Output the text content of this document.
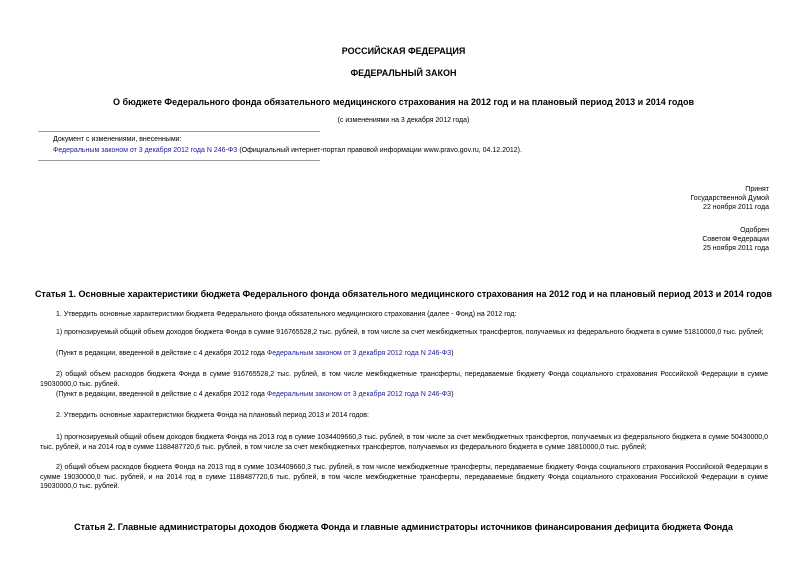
РОССИЙСКАЯ ФЕДЕРАЦИЯ
ФЕДЕРАЛЬНЫЙ ЗАКОН
О бюджете Федерального фонда обязательного медицинского страхования на 2012 год и на плановый период 2013 и 2014 годов
(с изменениями на 3 декабря 2012 года)
Документ с изменениями, внесенными:
Федеральным законом от 3 декабря 2012 года N 246-ФЗ (Официальный интернет-портал правовой информации www.pravo.gov.ru, 04.12.2012).
Принят
Государственной Думой
22 ноября 2011 года
Одобрен
Советом Федерации
25 ноября 2011 года
Статья 1. Основные характеристики бюджета Федерального фонда обязательного медицинского страхования на 2012 год и на плановый период 2013 и 2014 годов
1. Утвердить основные характеристики бюджета Федерального фонда обязательного медицинского страхования (далее - Фонд) на 2012 год:
1) прогнозируемый общий объем доходов бюджета Фонда в сумме 916765528,2 тыс. рублей, в том числе за счет межбюджетных трансфертов, получаемых из федерального бюджета в сумме 51810000,0 тыс. рублей;
(Пункт в редакции, введенной в действие с 4 декабря 2012 года Федеральным законом от 3 декабря 2012 года N 246-ФЗ)
2) общий объем расходов бюджета Фонда в сумме 916765528,2 тыс. рублей, в том числе межбюджетные трансферты, передаваемые бюджету Фонда социального страхования Российской Федерации в сумме 19030000,0 тыс. рублей.
(Пункт в редакции, введенной в действие с 4 декабря 2012 года Федеральным законом от 3 декабря 2012 года N 246-ФЗ)
2. Утвердить основные характеристики бюджета Фонда на плановый период 2013 и 2014 годов:
1) прогнозируемый общий объем доходов бюджета Фонда на 2013 год в сумме 1034409660,3 тыс. рублей, в том числе за счет межбюджетных трансфертов, получаемых из федерального бюджета в сумме 50430000,0 тыс. рублей, и на 2014 год в сумме 1188487720,6 тыс. рублей, в том числе за счет межбюджетных трансфертов, получаемых из федерального бюджета в сумме 18810000,0 тыс. рублей;
2) общий объем расходов бюджета Фонда на 2013 год в сумме 1034409660,3 тыс. рублей, в том числе межбюджетные трансферты, передаваемые бюджету Фонда социального страхования Российской Федерации в сумме 19030000,0 тыс. рублей, и на 2014 год в сумме 1188487720,6 тыс. рублей, в том числе межбюджетные трансферты, передаваемые бюджету Фонда социального страхования Российской Федерации в сумме 19030000,0 тыс. рублей.
Статья 2. Главные администраторы доходов бюджета Фонда и главные администраторы источников финансирования дефицита бюджета Фонда
